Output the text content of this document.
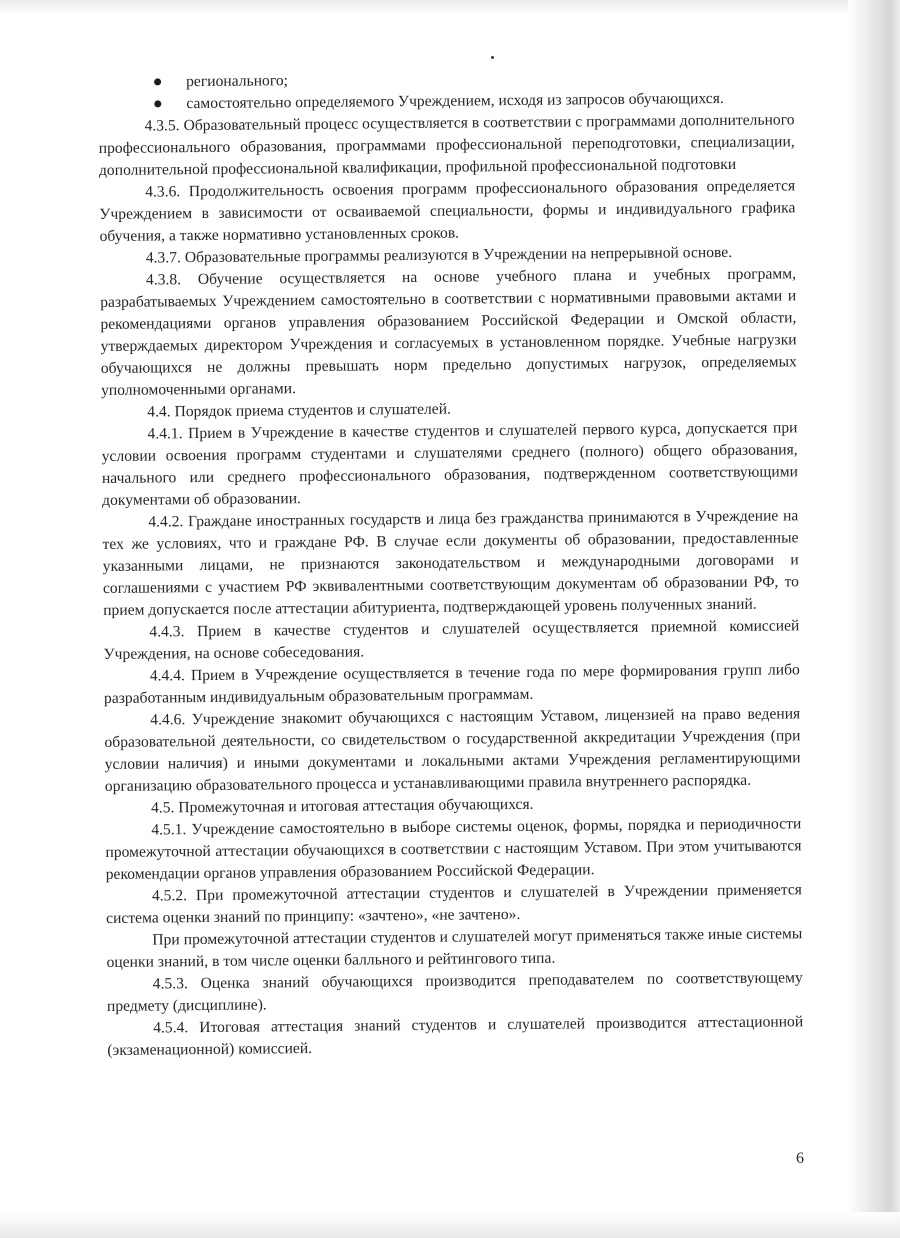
регионального;
самостоятельно определяемого Учреждением, исходя из запросов обучающихся.

4.3.5. Образовательный процесс осуществляется в соответствии с программами дополнительного профессионального образования, программами профессиональной переподготовки, специализации, дополнительной профессиональной квалификации, профильной профессиональной подготовки

4.3.6. Продолжительность освоения программ профессионального образования определяется Учреждением в зависимости от осваиваемой специальности, формы и индивидуального графика обучения, а также нормативно установленных сроков.

4.3.7. Образовательные программы реализуются в Учреждении на непрерывной основе.

4.3.8. Обучение осуществляется на основе учебного плана и учебных программ, разрабатываемых Учреждением самостоятельно в соответствии с нормативными правовыми актами и рекомендациями органов управления образованием Российской Федерации и Омской области, утверждаемых директором Учреждения и согласуемых в установленном порядке. Учебные нагрузки обучающихся не должны превышать норм предельно допустимых нагрузок, определяемых уполномоченными органами.

4.4. Порядок приема студентов и слушателей.

4.4.1. Прием в Учреждение в качестве студентов и слушателей первого курса, допускается при условии освоения программ студентами и слушателями среднего (полного) общего образования, начального или среднего профессионального образования, подтвержденном соответствующими документами об образовании.

4.4.2. Граждане иностранных государств и лица без гражданства принимаются в Учреждение на тех же условиях, что и граждане РФ. В случае если документы об образовании, предоставленные указанными лицами, не признаются законодательством и международными договорами и соглашениями с участием РФ эквивалентными соответствующим документам об образовании РФ, то прием допускается после аттестации абитуриента, подтверждающей уровень полученных знаний.

4.4.3. Прием в качестве студентов и слушателей осуществляется приемной комиссией Учреждения, на основе собеседования.

4.4.4. Прием в Учреждение осуществляется в течение года по мере формирования групп либо разработанным индивидуальным образовательным программам.

4.4.6. Учреждение знакомит обучающихся с настоящим Уставом, лицензией на право ведения образовательной деятельности, со свидетельством о государственной аккредитации Учреждения (при условии наличия) и иными документами и локальными актами Учреждения регламентирующими организацию образовательного процесса и устанавливающими правила внутреннего распорядка.

4.5. Промежуточная и итоговая аттестация обучающихся.

4.5.1. Учреждение самостоятельно в выборе системы оценок, формы, порядка и периодичности промежуточной аттестации обучающихся в соответствии с настоящим Уставом. При этом учитываются рекомендации органов управления образованием Российской Федерации.

4.5.2. При промежуточной аттестации студентов и слушателей в Учреждении применяется система оценки знаний по принципу: «зачтено», «не зачтено».

При промежуточной аттестации студентов и слушателей могут применяться также иные системы оценки знаний, в том числе оценки балльного и рейтингового типа.

4.5.3. Оценка знаний обучающихся производится преподавателем по соответствующему предмету (дисциплине).

4.5.4. Итоговая аттестация знаний студентов и слушателей производится аттестационной (экзаменационной) комиссией.

6
